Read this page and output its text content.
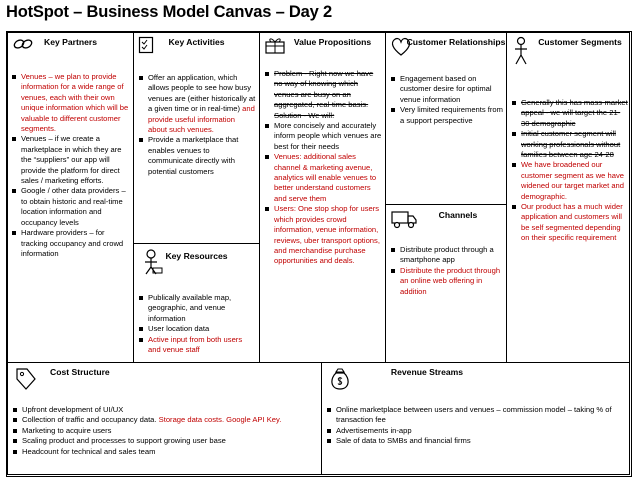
HotSpot – Business Model Canvas – Day 2
Key Partners
Venues – we plan to provide information for a wide range of venues, each with their own unique information which will be valuable to different customer segments.
Venues – if we create a marketplace in which they are the “suppliers” our app will provide the platform for direct sales / marketing efforts.
Google / other data providers – to obtain historic and real-time location information and occupancy levels
Hardware providers – for tracking occupancy and crowd information
Key Activities
Offer an application, which allows people to see how busy venues are (either historically at a given time or in real-time) and provide useful information about such venues.
Provide a marketplace that enables venues to communicate directly with potential customers
Key Resources
Publically available map, geographic, and venue information
User location data
Active input from both users and venue staff
Value Propositions
Problem - Right now we have no way of knowing which venues are busy on an aggregated, real-time basis. Solution - We will:
More concisely and accurately inform people which venues are best for their needs
Venues: additional sales channel & marketing avenue, analytics will enable venues to better understand customers and serve them
Users: One stop shop for users which provides crowd information, venue information, reviews, uber transport options, and merchandise purchase opportunities and deals.
Customer Relationships
Engagement based on customer desire for optimal venue information
Very limited requirements from a support perspective
Channels
Distribute product through a smartphone app
Distribute the product through an online web offering in addition
Customer Segments
Generally this has mass-market appeal - we will target the 21-30 demographic
Initial customer segment will working professionals without families between age 24-28
We have broadened our customer segment as we have widened our target market and demographic.
Our product has a much wider application and customers will be self segmented depending on their specific requirement
Cost Structure
Upfront development of UI/UX
Collection of traffic and occupancy data. Storage data costs. Google API Key.
Marketing to acquire users
Scaling product and processes to support growing user base
Headcount for technical and sales team
Revenue Streams
Online marketplace between users and venues – commission model – taking % of transaction fee
Advertisements in-app
Sale of data to SMBs and financial firms
